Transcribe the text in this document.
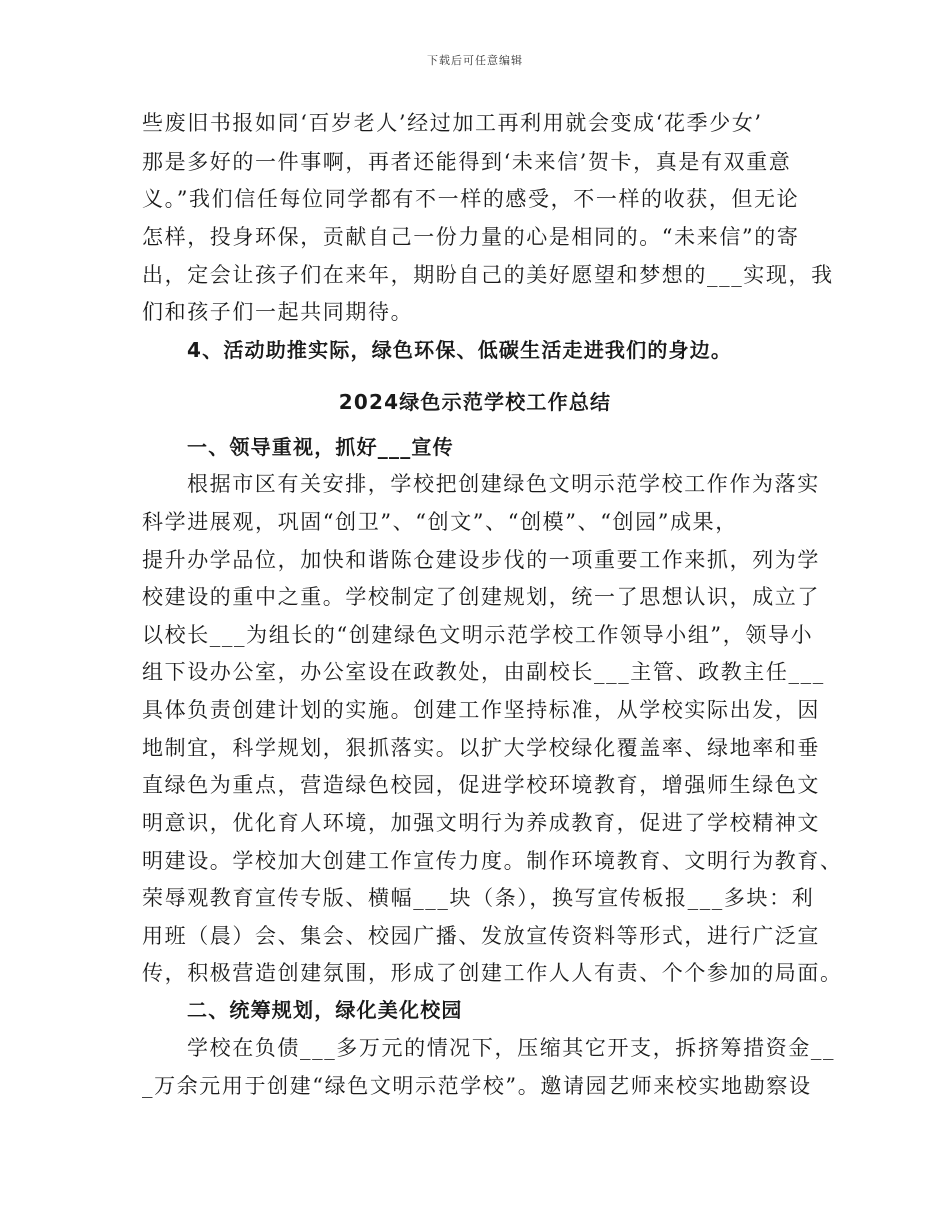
下载后可任意编辑
些废旧书报如同‘百岁老人’经过加工再利用就会变成‘花季少女’
那是多好的一件事啊，再者还能得到‘未来信’贺卡，真是有双重意
义。”我们信任每位同学都有不一样的感受，不一样的收获，但无论
怎样，投身环保，贡献自己一份力量的心是相同的。“未来信”的寄
出，定会让孩子们在来年，期盼自己的美好愿望和梦想的___实现，我
们和孩子们一起共同期待。
4、活动助推实际，绿色环保、低碳生活走进我们的身边。
2024绿色示范学校工作总结
一、领导重视，抓好___宣传
根据市区有关安排，学校把创建绿色文明示范学校工作作为落实
科学进展观，巩固“创卫”、“创文”、“创模”、“创园”成果，
提升办学品位，加快和谐陈仓建设步伐的一项重要工作来抓，列为学
校建设的重中之重。学校制定了创建规划，统一了思想认识，成立了
以校长___为组长的“创建绿色文明示范学校工作领导小组”，领导小
组下设办公室，办公室设在政教处，由副校长___主管、政教主任___
具体负责创建计划的实施。创建工作坚持标准，从学校实际出发，因
地制宜，科学规划，狠抓落实。以扩大学校绿化覆盖率、绿地率和垂
直绿色为重点，营造绿色校园，促进学校环境教育，增强师生绿色文
明意识，优化育人环境，加强文明行为养成教育，促进了学校精神文
明建设。学校加大创建工作宣传力度。制作环境教育、文明行为教育、
荣辱观教育宣传专版、横幅___块（条），换写宣传板报___多块：利
用班（晨）会、集会、校园广播、发放宣传资料等形式，进行广泛宣
传，积极营造创建氛围，形成了创建工作人人有责、个个参加的局面。
二、统筹规划，绿化美化校园
学校在负债___多万元的情况下，压缩其它开支，拆挤筹措资金__
_万余元用于创建“绿色文明示范学校”。邀请园艺师来校实地勘察设
